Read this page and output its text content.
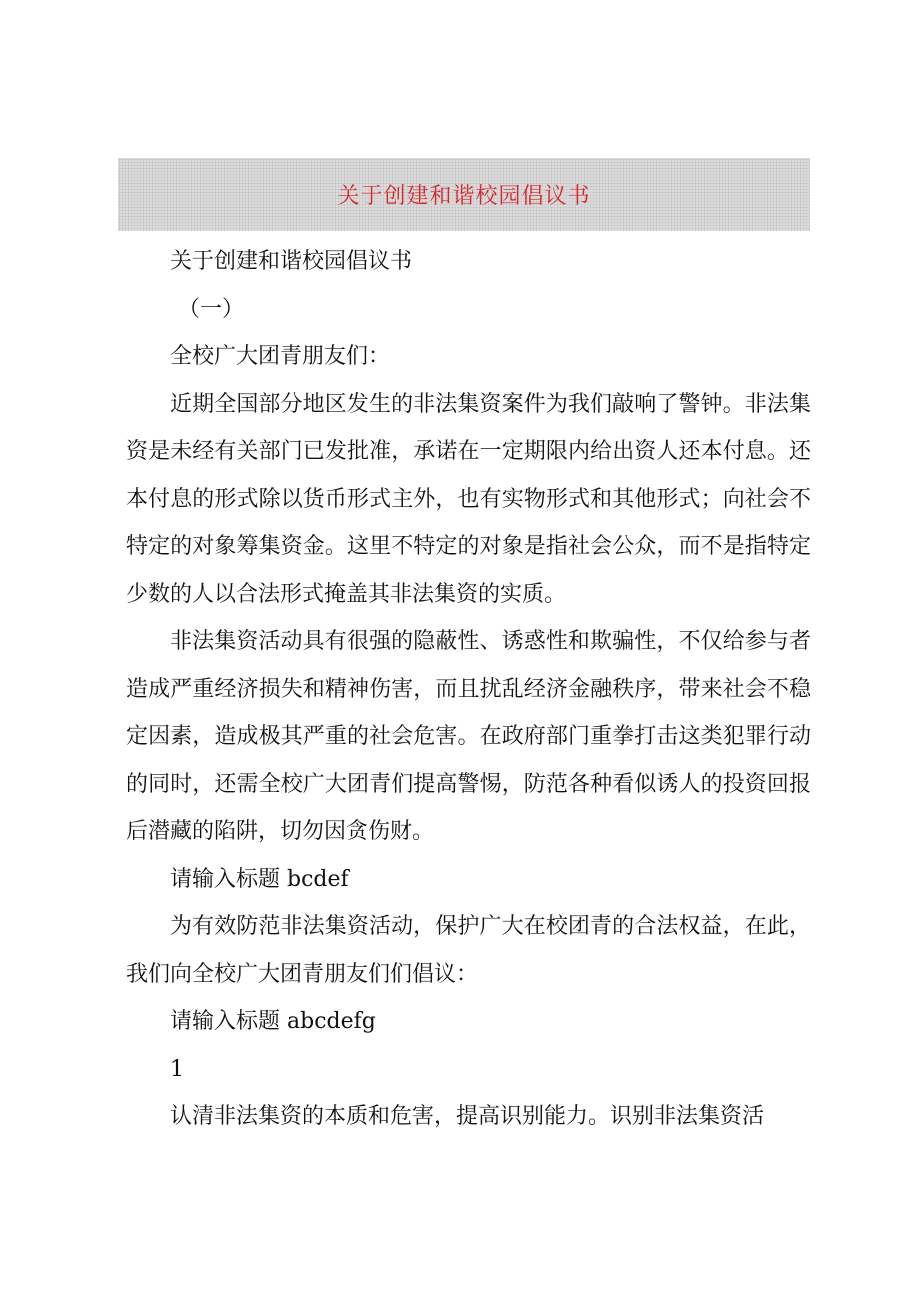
关于创建和谐校园倡议书

关于创建和谐校园倡议书

（一）

全校广大团青朋友们：

近期全国部分地区发生的非法集资案件为我们敲响了警钟。非法集资是未经有关部门已发批准，承诺在一定期限内给出资人还本付息。还本付息的形式除以货币形式主外，也有实物形式和其他形式；向社会不特定的对象筹集资金。这里不特定的对象是指社会公众，而不是指特定少数的人以合法形式掩盖其非法集资的实质。

非法集资活动具有很强的隐蔽性、诱惑性和欺骗性，不仅给参与者造成严重经济损失和精神伤害，而且扰乱经济金融秩序，带来社会不稳定因素，造成极其严重的社会危害。在政府部门重拳打击这类犯罪行动的同时，还需全校广大团青们提高警惕，防范各种看似诱人的投资回报后潜藏的陷阱，切勿因贪伤财。

请输入标题 bcdef

为有效防范非法集资活动，保护广大在校团青的合法权益，在此，我们向全校广大团青朋友们们倡议：

请输入标题 abcdefg

1

认清非法集资的本质和危害，提高识别能力。识别非法集资活
